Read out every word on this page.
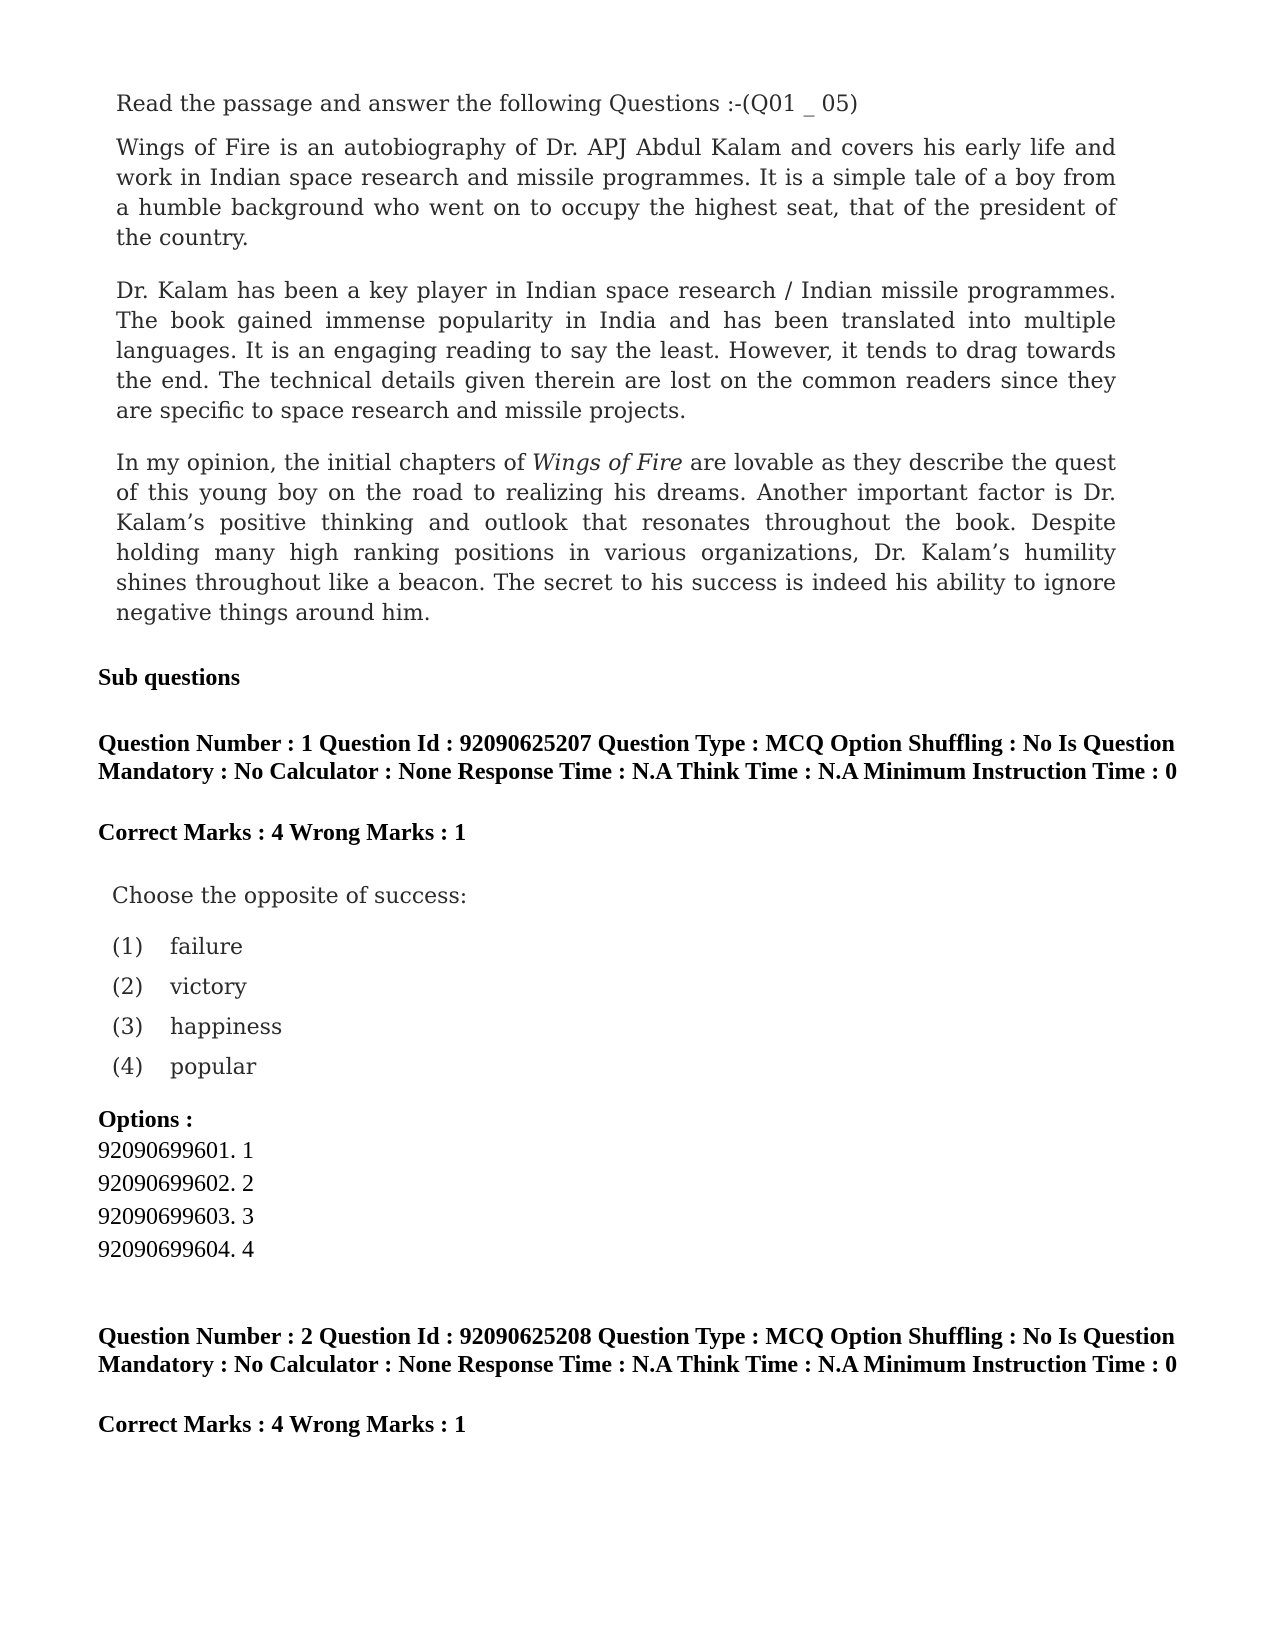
Read the passage and answer the following Questions :-(Q01 _ 05)

Wings of Fire is an autobiography of Dr. APJ Abdul Kalam and covers his early life and work in Indian space research and missile programmes. It is a simple tale of a boy from a humble background who went on to occupy the highest seat, that of the president of the country.

Dr. Kalam has been a key player in Indian space research / Indian missile programmes. The book gained immense popularity in India and has been translated into multiple languages. It is an engaging reading to say the least. However, it tends to drag towards the end. The technical details given therein are lost on the common readers since they are specific to space research and missile projects.

In my opinion, the initial chapters of Wings of Fire are lovable as they describe the quest of this young boy on the road to realizing his dreams. Another important factor is Dr. Kalam’s positive thinking and outlook that resonates throughout the book. Despite holding many high ranking positions in various organizations, Dr. Kalam’s humility shines throughout like a beacon. The secret to his success is indeed his ability to ignore negative things around him.

Sub questions

Question Number : 1 Question Id : 92090625207 Question Type : MCQ Option Shuffling : No Is Question Mandatory : No Calculator : None Response Time : N.A Think Time : N.A Minimum Instruction Time : 0

Correct Marks : 4 Wrong Marks : 1

Choose the opposite of success:

(1)	failure
(2)	victory
(3)	happiness
(4)	popular

Options :

92090699601. 1
92090699602. 2
92090699603. 3
92090699604. 4

Question Number : 2 Question Id : 92090625208 Question Type : MCQ Option Shuffling : No Is Question Mandatory : No Calculator : None Response Time : N.A Think Time : N.A Minimum Instruction Time : 0

Correct Marks : 4 Wrong Marks : 1
